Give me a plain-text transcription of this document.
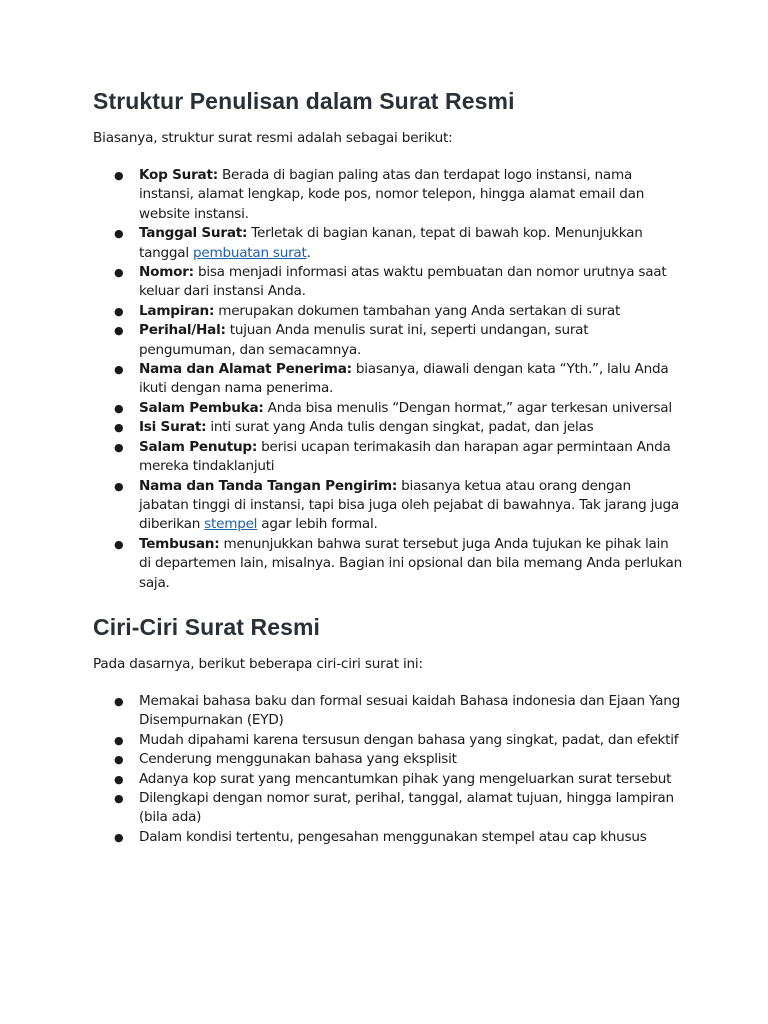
Struktur Penulisan dalam Surat Resmi

Biasanya, struktur surat resmi adalah sebagai berikut:

● Kop Surat: Berada di bagian paling atas dan terdapat logo instansi, nama instansi, alamat lengkap, kode pos, nomor telepon, hingga alamat email dan website instansi.
● Tanggal Surat: Terletak di bagian kanan, tepat di bawah kop. Menunjukkan tanggal pembuatan surat.
● Nomor: bisa menjadi informasi atas waktu pembuatan dan nomor urutnya saat keluar dari instansi Anda.
● Lampiran: merupakan dokumen tambahan yang Anda sertakan di surat
● Perihal/Hal: tujuan Anda menulis surat ini, seperti undangan, surat pengumuman, dan semacamnya.
● Nama dan Alamat Penerima: biasanya, diawali dengan kata “Yth.”, lalu Anda ikuti dengan nama penerima.
● Salam Pembuka: Anda bisa menulis “Dengan hormat,” agar terkesan universal
● Isi Surat: inti surat yang Anda tulis dengan singkat, padat, dan jelas
● Salam Penutup: berisi ucapan terimakasih dan harapan agar permintaan Anda mereka tindaklanjuti
● Nama dan Tanda Tangan Pengirim: biasanya ketua atau orang dengan jabatan tinggi di instansi, tapi bisa juga oleh pejabat di bawahnya. Tak jarang juga diberikan stempel agar lebih formal.
● Tembusan: menunjukkan bahwa surat tersebut juga Anda tujukan ke pihak lain di departemen lain, misalnya. Bagian ini opsional dan bila memang Anda perlukan saja.
Ciri-Ciri Surat Resmi

Pada dasarnya, berikut beberapa ciri-ciri surat ini:

● Memakai bahasa baku dan formal sesuai kaidah Bahasa indonesia dan Ejaan Yang Disempurnakan (EYD)
● Mudah dipahami karena tersusun dengan bahasa yang singkat, padat, dan efektif
● Cenderung menggunakan bahasa yang eksplisit
● Adanya kop surat yang mencantumkan pihak yang mengeluarkan surat tersebut
● Dilengkapi dengan nomor surat, perihal, tanggal, alamat tujuan, hingga lampiran (bila ada)
● Dalam kondisi tertentu, pengesahan menggunakan stempel atau cap khusus
